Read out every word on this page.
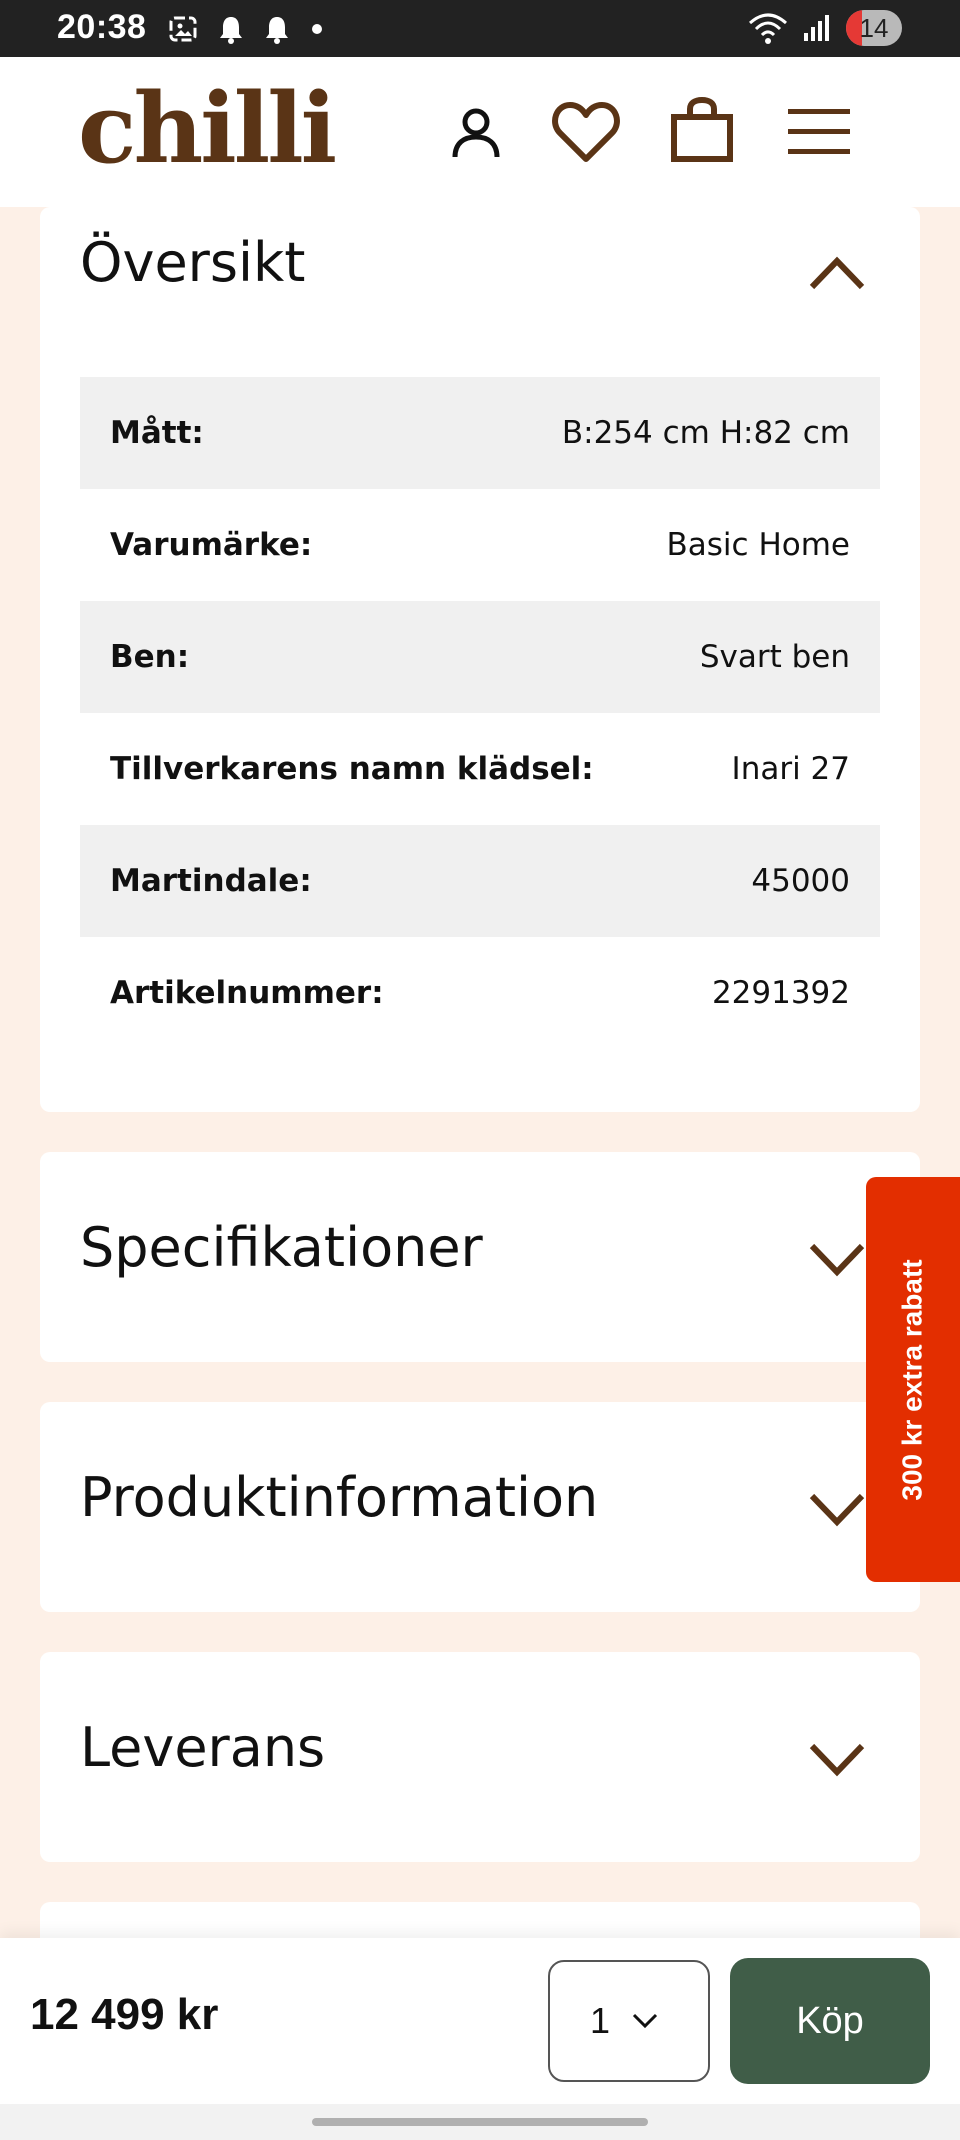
20:38	14
chilli
Översikt
Mått:	B:254 cm H:82 cm
Varumärke:	Basic Home
Ben:	Svart ben
Tillverkarens namn klädsel:	Inari 27
Martindale:	45000
Artikelnummer:	2291392
Specifikationer
Produktinformation
Leverans
300 kr extra rabatt
12 499 kr	1	Köp
